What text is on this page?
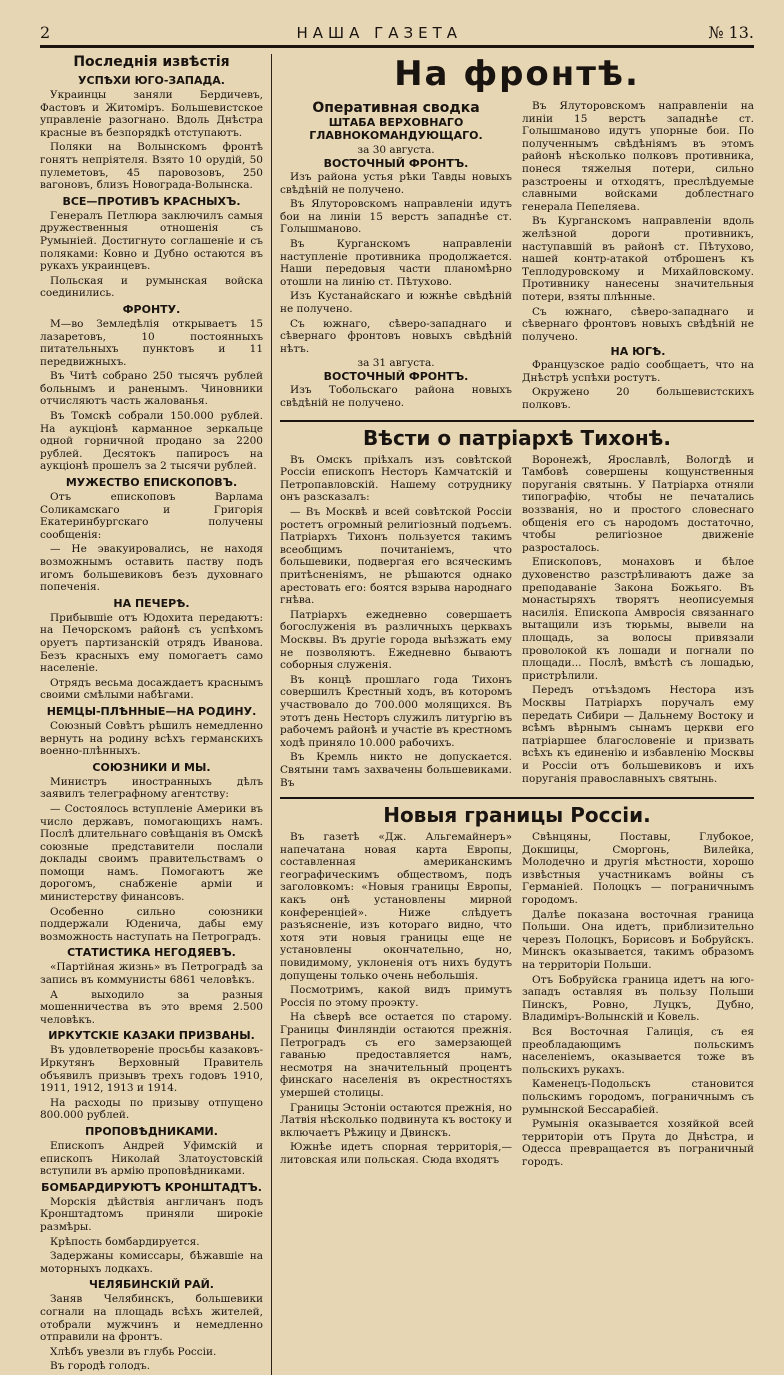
2	НАША ГАЗЕТА	№ 13.
Последнія извѣстія
УСПѢХИ ЮГО-ЗАПАДА.

Украинцы заняли Бердичевъ, Фастовъ и Житоміръ. Большевистское управленіе разогнано. Вдоль Днѣстра красные въ безпорядкѣ отступаютъ.

Поляки на Волынскомъ фронтѣ гонятъ непріятеля. Взято 10 орудій, 50 пулеметовъ, 45 паровозовъ, 250 вагоновъ, близъ Новограда-Волынска.

ВСЕ—ПРОТИВЪ КРАСНЫХЪ.

Генералъ Петлюра заключилъ самыя дружественныя отношенія съ Румыніей. Достигнуто соглашеніе и съ поляками: Ковно и Дубно остаются въ рукахъ украинцевъ.

Польская и румынская войска соединились.

ФРОНТУ.

М—во Земледѣлія открываетъ 15 лазаретовъ, 10 постоянныхъ питательныхъ пунктовъ и 11 передвижныхъ.

Въ Читѣ собрано 250 тысячъ рублей больнымъ и раненымъ. Чиновники отчисляютъ часть жалованья.

Въ Томскѣ собрали 150.000 рублей. На аукціонѣ карманное зеркальце одной горничной продано за 2200 рублей. Десятокъ папиросъ на аукціонѣ прошелъ за 2 тысячи рублей.

МУЖЕСТВО ЕПИСКОПОВЪ.

Отъ епископовъ Варлама Соликамскаго и Григорія Екатеринбургскаго получены сообщенія:

— Не эвакуировались, не находя возможнымъ оставить паству подъ игомъ большевиковъ безъ духовнаго попеченія.

НА ПЕЧЕРѢ.

Прибывшіе отъ Юдохита передаютъ: на Печорскомъ районѣ съ успѣхомъ оруетъ партизанскій отрядъ Иванова. Безъ красныхъ ему помогаетъ само населеніе.

Отрядъ весьма досаждаетъ краснымъ своими смѣлыми набѣгами.

НЕМЦЫ-ПЛѢННЫЕ—НА РОДИНУ.

Союзный Совѣтъ рѣшилъ немедленно вернуть на родину всѣхъ германскихъ военно-плѣнныхъ.

СОЮЗНИКИ И МЫ.

Министръ иностранныхъ дѣлъ заявилъ телеграфному агентству:

— Состоялось вступленіе Америки въ число державъ, помогающихъ намъ. Послѣ длительнаго совѣщанія въ Омскѣ союзные представители послали доклады своимъ правительствамъ о помощи намъ. Помогаютъ же дорогомъ, снабженіе арміи и министерству финансовъ.

Особенно сильно союзники поддержали Юденича, дабы ему возможность наступать на Петроградъ.

СТАТИСТИКА НЕГОДЯЕВЪ.

«Партійная жизнь» въ Петроградѣ за запись въ коммунисты 6861 человѣкъ.

А выходило за разныя мошенничества въ это время 2.500 человѣкъ.

ИРКУТСКІЕ КАЗАКИ ПРИЗВАНЫ.

Въ удовлетвореніе просьбы казаковъ-Иркутянъ Верховный Правитель объявилъ призывъ трехъ годовъ 1910, 1911, 1912, 1913 и 1914.

На расходы по призыву отпущено 800.000 рублей.

ПРОПОВѢДНИКАМИ.

Епископъ Андрей Уфимскій и епископъ Николай Златоустовскій вступили въ армію проповѣдниками.

БОМБАРДИРУЮТЪ КРОНШТАДТЪ.

Морскія дѣйствія англичанъ подъ Кронштадтомъ приняли широкіе размѣры.

Крѣпость бомбардируется.

Задержаны комиссары, бѣжавшіе на моторныхъ лодкахъ.

ЧЕЛЯБИНСКІЙ РАЙ.

Заняв Челябинскъ, большевики согнали на площадь всѣхъ жителей, отобрали мужчинъ и немедленно отправили на фронтъ.

Хлѣбъ увезли въ глубь Россіи.

Въ городѣ голодъ.

На фронтѣ.
Оперативная сводка
ШТАБА ВЕРХОВНАГО ГЛАВНОКОМАНДУЮЩАГО.
за 30 августа.
ВОСТОЧНЫЙ ФРОНТЪ.

Изъ района устья рѣки Тавды новыхъ свѣдѣній не получено.

Въ Ялуторовскомъ направленіи идутъ бои на линіи 15 верстъ западнѣе ст. Голышманово.

Въ Курганскомъ направленіи наступленіе противника продолжается. Наши передовыя части планомѣрно отошли на линію ст. Пѣтухово.

Изъ Кустанайскаго и южнѣе свѣдѣній не получено.

Съ южнаго, сѣверо-западнаго и сѣвернаго фронтовъ новыхъ свѣдѣній нѣтъ.

за 31 августа.
ВОСТОЧНЫЙ ФРОНТЪ.

Изъ Тобольскаго района новыхъ свѣдѣній не получено.

Въ Ялуторовскомъ направленіи на линіи 15 верстъ западнѣе ст. Голышманово идутъ упорные бои. По полученнымъ свѣдѣніямъ въ этомъ районѣ нѣсколько полковъ противника, понеся тяжелыя потери, сильно разстроены и отходятъ, преслѣдуемые славными войсками доблестнаго генерала Пепеляева.

Въ Курганскомъ направленіи вдоль желѣзной дороги противникъ, наступавшій въ районѣ ст. Пѣтухово, нашей контр-атакой отброшенъ къ Теплодуровскому и Михайловскому. Противнику нанесены значительныя потери, взяты плѣнные.

Съ южнаго, сѣверо-западнаго и сѣвернаго фронтовъ новыхъ свѣдѣній не получено.

НА ЮГѢ.

Французское радіо сообщаетъ, что на Днѣстрѣ успѣхи ростутъ.

Окружено 20 большевистскихъ полковъ.

Вѣсти о патріархѣ Тихонѣ.

Въ Омскъ пріѣхалъ изъ совѣтской Россіи епископъ Несторъ Камчатскій и Петропавловскій. Нашему сотруднику онъ разсказалъ:

— Въ Москвѣ и всей совѣтской Россіи ростетъ огромный религіозный подъемъ. Патріархъ Тихонъ пользуется такимъ всеобщимъ почитаніемъ, что большевики, подвергая его всяческимъ притѣсненіямъ, не рѣшаются однако арестовать его: боятся взрыва народнаго гнѣва.

Патріархъ ежедневно совершаетъ богослуженія въ различныхъ церквахъ Москвы. Въ другіе города выѣзжать ему не позволяютъ. Ежедневно бываютъ соборныя служенія.

Въ концѣ прошлаго года Тихонъ совершилъ Крестный ходъ, въ которомъ участвовало до 700.000 молящихся. Въ этотъ день Несторъ служилъ литургію въ рабочемъ районѣ и участіе въ крестномъ ходѣ приняло 10.000 рабочихъ.

Въ Кремль никто не допускается. Святыни тамъ захвачены большевиками. Въ

Воронежѣ, Ярославлѣ, Вологдѣ и Тамбовѣ совершены кощунственныя поруганія святынь. У Патріарха отняли типографію, чтобы не печатались воззванія, но и простого словеснаго общенія его съ народомъ достаточно, чтобы религіозное движеніе разросталось.

Епископовъ, монаховъ и бѣлое духовенство разстрѣливаютъ даже за преподаваніе Закона Божьяго. Въ монастыряхъ творятъ неописуемыя насилія. Епископа Амвросія связаннаго вытащили изъ тюрьмы, вывели на площадь, за волосы привязали проволокой къ лошади и погнали по площади... Послѣ, вмѣстѣ съ лошадью, пристрѣлили.

Передъ отъѣздомъ Нестора изъ Москвы Патріархъ поручалъ ему передать Сибири — Дальнему Востоку и всѣмъ вѣрнымъ сынамъ церкви его патріаршее благословеніе и призвать всѣхъ къ единенію и избавленію Москвы и Россіи отъ большевиковъ и ихъ поруганія православныхъ святынь.

Новыя границы Россіи.

Въ газетѣ «Дж. Альгемайнеръ» напечатана новая карта Европы, составленная американскимъ географическимъ обществомъ, подъ заголовкомъ: «Новыя границы Европы, какъ онѣ установлены мирной конференціей». Ниже слѣдуетъ разъясненіе, изъ котораго видно, что хотя эти новыя границы еще не установлены окончательно, но, повидимому, уклоненія отъ нихъ будутъ допущены только очень небольшія.

Посмотримъ, какой видъ примутъ Россія по этому проэкту.

На сѣверѣ все остается по старому. Границы Финляндіи остаются прежнія. Петроградъ съ его замерзающей гаванью предоставляется намъ, несмотря на значительный процентъ финскаго населенія въ окрестностяхъ умершей столицы.

Границы Эстоніи остаются прежнія, но Латвія нѣсколько подвинута къ востоку и включаетъ Рѣжицу и Двинскъ.

Южнѣе идетъ спорная территорія,— литовская или польская. Сюда входятъ

Свѣнцяны, Поставы, Глубокое, Докшицы, Сморгонь, Вилейка, Молодечно и другія мѣстности, хорошо извѣстныя участникамъ войны съ Германіей. Полоцкъ — пограничнымъ городомъ.

Далѣе показана восточная граница Польши. Она идетъ, приблизительно черезъ Полоцкъ, Борисовъ и Бобруйскъ. Минскъ оказывается, такимъ образомъ на территоріи Польши.

Отъ Бобруйска граница идетъ на юго-западъ оставляя въ пользу Польши Пинскъ, Ровно, Луцкъ, Дубно, Владиміръ-Волынскій и Ковель.

Вся Восточная Галиція, съ ея преобладающимъ польскимъ населеніемъ, оказывается тоже въ польскихъ рукахъ.

Каменецъ-Подольскъ становится польскимъ городомъ, пограничнымъ съ румынской Бессарабіей.

Румынія оказывается хозяйкой всей территоріи отъ Прута до Днѣстра, и Одесса превращается въ пограничный городъ.
